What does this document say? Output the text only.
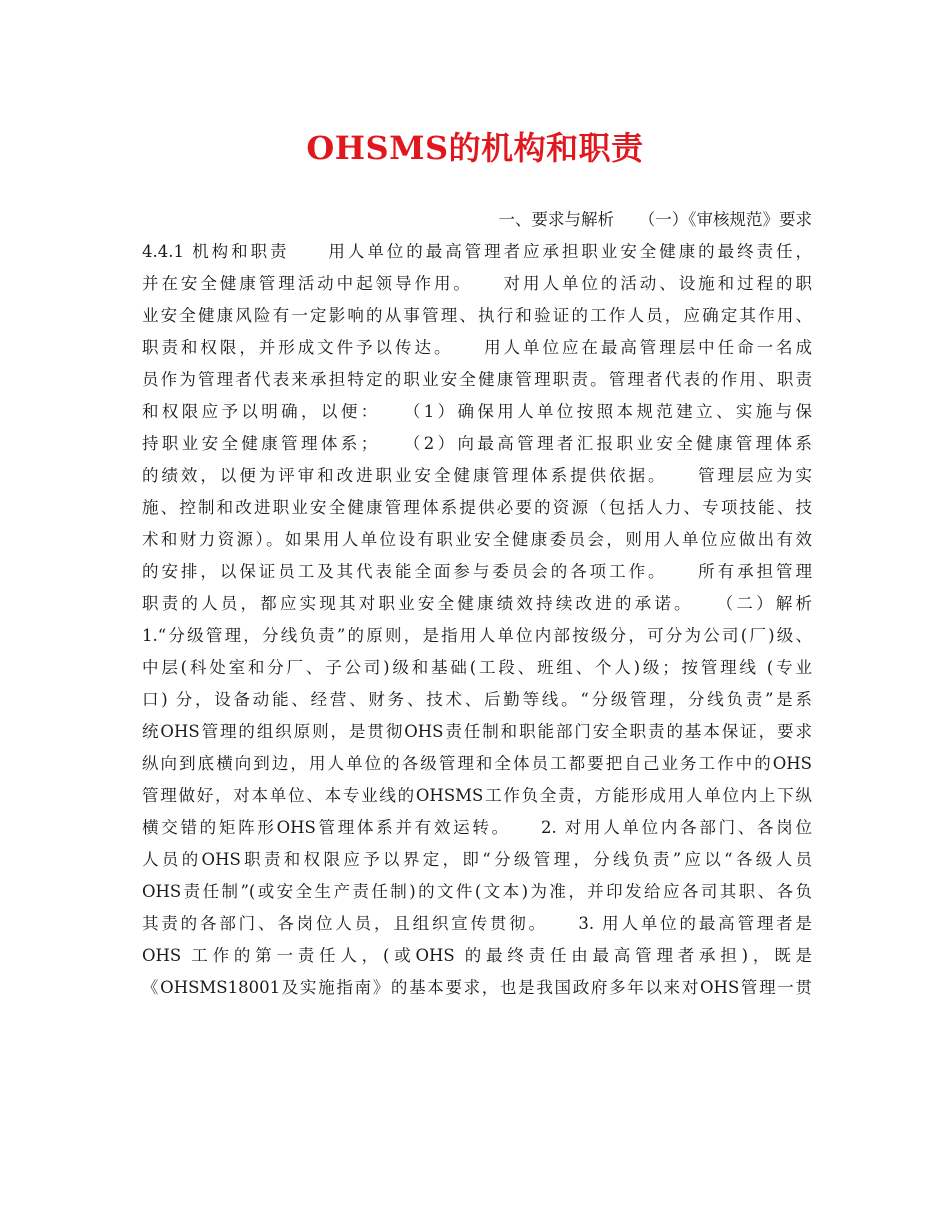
OHSMS的机构和职责
一、要求与解析　　（一）《审核规范》要求
4.4.1 机构和职责　　用人单位的最高管理者应承担职业安全健康的最终责任，
并在安全健康管理活动中起领导作用。　　对用人单位的活动、设施和过程的职
业安全健康风险有一定影响的从事管理、执行和验证的工作人员，应确定其作用、
职责和权限，并形成文件予以传达。　　用人单位应在最高管理层中任命一名成
员作为管理者代表来承担特定的职业安全健康管理职责。管理者代表的作用、职责
和权限应予以明确，以便：　　（1）确保用人单位按照本规范建立、实施与保
持职业安全健康管理体系；　　（2）向最高管理者汇报职业安全健康管理体系
的绩效，以便为评审和改进职业安全健康管理体系提供依据。　　管理层应为实
施、控制和改进职业安全健康管理体系提供必要的资源（包括人力、专项技能、技
术和财力资源）。如果用人单位设有职业安全健康委员会，则用人单位应做出有效
的安排，以保证员工及其代表能全面参与委员会的各项工作。　　所有承担管理
职责的人员，都应实现其对职业安全健康绩效持续改进的承诺。　　（二）解析
1.“分级管理，分线负责”的原则，是指用人单位内部按级分，可分为公司(厂)级、
中层(科处室和分厂、子公司)级和基础(工段、班组、个人)级；按管理线 (专业
口) 分，设备动能、经营、财务、技术、后勤等线。“分级管理，分线负责”是系
统OHS管理的组织原则，是贯彻OHS责任制和职能部门安全职责的基本保证，要求
纵向到底横向到边，用人单位的各级管理和全体员工都要把自己业务工作中的OHS
管理做好，对本单位、本专业线的OHSMS工作负全责，方能形成用人单位内上下纵
横交错的矩阵形OHS管理体系并有效运转。　　2. 对用人单位内各部门、各岗位
人员的OHS职责和权限应予以界定，即“分级管理，分线负责”应以“各级人员
OHS责任制”(或安全生产责任制)的文件(文本)为准，并印发给应各司其职、各负
其责的各部门、各岗位人员，且组织宣传贯彻。　　3. 用人单位的最高管理者是
OHS 工作的第一责任人，(或OHS 的最终责任由最高管理者承担)，既是
《OHSMS18001及实施指南》的基本要求，也是我国政府多年以来对OHS管理一贯
